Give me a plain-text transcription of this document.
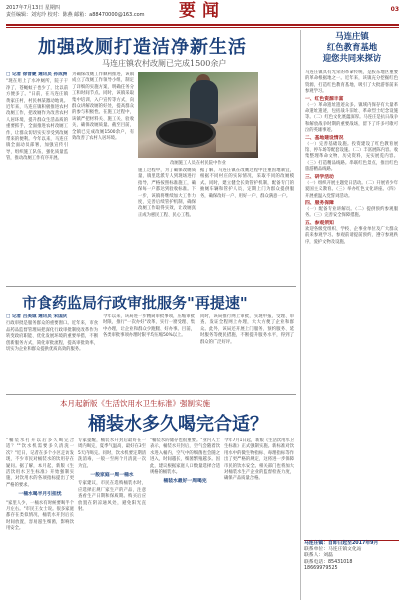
2017年7月13日 星期四
责任编辑：刘宪玲 校对：陈燕 邮箱：a88470000@163.com	要闻	03
加强改厕打造洁净新生活
马连庄镇农村改厕已完成1500余户
□ 记者 徐晋婕 通讯员 孙成洲
"现在用上了水冲厕所，院子干净了，苍蝇蚊子也少了，比以前方便多了。"日前，在马连庄镇黄家庄村，村民林某激动地说。近年来，马连庄镇积极推进农村改厕工作，把改厕作为改善农村人居环境、提升群众生活品质的重要抓手，全面推进农村改厕工作，让群众切切实实享受到改厕带来的便利。今年以来，马连庄镇全面动员部署，加强宣传引导，组织施工队伍，强化质量监管，推动改厕工作有序开展。
为确保改厕工作顺利推进，该镇成立了改厕工作领导小组，制定了详细的实施方案，明确任务分工和时间节点。同时，该镇采取集中培训、入户宣传等方式，向群众讲解改厕的好处，提高群众的参与积极性。在施工过程中，该镇严把材料关、施工关、验收关，确保改厕质量。截至目前，全镇已完成改厕1500余户，有效改善了农村人居环境。
改厕施工人员在村民院中作业
施工过程中，为了确保改厕质量，镇里选派专人到现场进行指导，严格按照标准施工，确保每一户都达到验收标准。下一步，该镇将继续加大工作力度，完善后续管护机制，确保改厕工作取得实效，让改厕真正成为惠民工程、民心工程。
据了解，马连庄镇在改厕过程中注重因地制宜，根据不同村庄的实际情况，采取不同的改厕模式。同时，建立健全长效管护机制，配备专门的抽厕车辆和管护人员，定期上门为群众提供服务，确保改好一户、用好一户、群众满意一户。
市食药监局行政审批服务"再提速"
□ 记者 吕美诚 通讯员 宋国庆
行政审批是服务群众的重要窗口。近年来，市食品药品监督管理局把深化行政审批制度改革作为转变政府职能、优化发展环境的重要举措，不断创新服务方式，简化审批流程，提高审批效率，切实为企业和群众提供优质高效的服务。
今年以来，该局进一步精简审批事项，压缩审批时限，推行"一次办好"改革，实行一窗受理、集中办理，让企业和群众少跑腿、好办事。目前，各类审批事项办理时限平均压缩50%以上。
同时，该局推行网上审批，实现申报、受理、审查、发证全程网上办理，大大方便了企业和群众。此外，该局还开展上门服务、预约服务、延时服务等便民措施，不断提升服务水平，得到了群众的广泛好评。
本月起新版《生活饮用水卫生标准》强制实施
桶装水多久喝完合适？
"桶装水打开以后多久喝完合适？""饮水机需要多久清洗一次？"近日，记者在多个小区走访发现，不少市民对桶装水的饮用存在疑问。据了解，本月起，新版《生活饮用水卫生标准》开始强制实施，对饮用水的各项指标提出了更严格的要求。
一桶水喝半月引担忧
"家里人少，一桶水有时候要喝半个月左右。"市民王女士说。很多家庭都存在类似情况，桶装水开封后长时间放置，容易滋生细菌，影响饮用安全。
专家提醒，桶装水开封后最好在一周内喝完，夏季气温高，最好在3至5天内喝完。同时，饮水机要定期清洗消毒，一般一至两个月清洗一次为宜。
一般家庭一周一桶水
专家建议，市民在选购桶装水时，应选择正规厂家生产的产品，注意查看生产日期和保质期。购买后应放置在阴凉通风处，避免阳光直射。
"桶装水的储存也很重要。"业内人士表示，桶装水开封后，空气会随着饮水进入桶内，空气中的细菌也会随之进入，时间越长，细菌繁殖越多。因此，建议根据家庭人口数量选择合适规格的桶装水。
桶装水最好一周喝完
今年7月1日起，新版《生活饮用水卫生标准》正式强制实施。新标准对饮用水中的微生物指标、毒理指标等作出了更严格的规定，这将进一步保障市民的饮水安全。相关部门也将加大对桶装水生产企业的监督检查力度，确保产品质量合格。
马连庄镇
红色教育基地
迎您共同来探访
马连庄镇具有光荣的革命传统，是胶东地区重要的革命根据地之一。近年来，该镇充分挖掘红色资源，打造红色教育基地，吸引了大批游客前来参观学习。
一、红色资源丰富
（一）革命遗址遗迹众多。镇域内保存有大量革命遗址遗迹，包括战斗旧址、革命烈士纪念设施等。（二）红色文化底蕴深厚。马连庄是抗日战争和解放战争时期的重要战场，留下了许多可歌可泣的英雄事迹。
二、基地建设情况
（一）完善基础设施。投资建设了红色教育展馆、停车场等配套设施。（二）丰富展陈内容。收集整理革命文物、历史资料，充实展览内容。（三）打造精品线路。串联红色景点，推出红色旅游精品线路。
三、研学活动
（一）组织开展主题党日活动。（二）开展青少年爱国主义教育。（三）举办红色文化讲座。（四）开展重温入党誓词活动。
四、服务保障
（一）配备专业讲解员。（二）提供预约参观服务。（三）完善安全保障措施。
五、参观须知
欢迎各级党组织、学校、企事业单位及广大群众前来参观学习。参观前请提前预约，遵守参观秩序，爱护文物及设施。
马连庄镇：自即日起至2017年9月
联系单位：马连庄镇文化站
联系人：刘磊
联系电话：85431018
18669979525
